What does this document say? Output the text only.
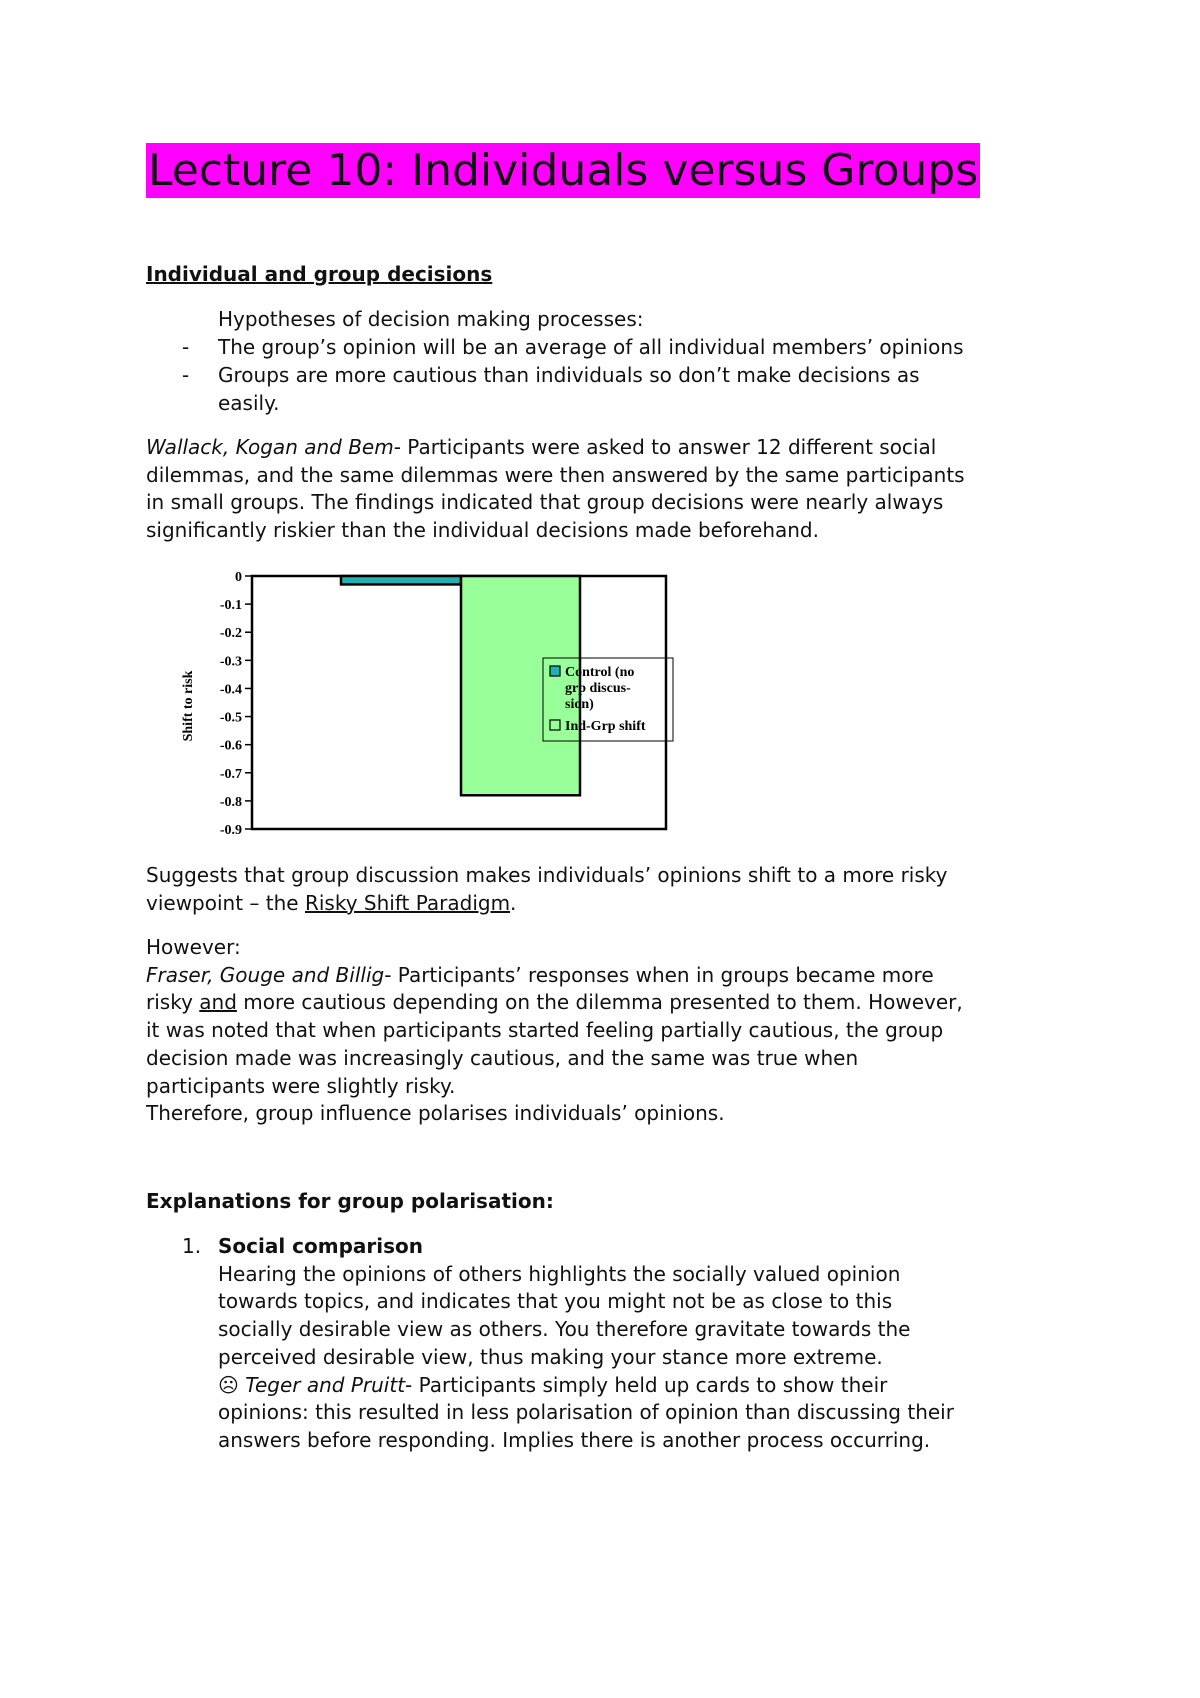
Lecture 10: Individuals versus Groups
Individual and group decisions
Hypotheses of decision making processes:
- The group’s opinion will be an average of all individual members’ opinions
- Groups are more cautious than individuals so don’t make decisions as
easily.
Wallack, Kogan and Bem- Participants were asked to answer 12 different social
dilemmas, and the same dilemmas were then answered by the same participants
in small groups. The findings indicated that group decisions were nearly always
significantly riskier than the individual decisions made beforehand.
0
-0.1
-0.2
-0.3
-0.4
-0.5
-0.6
-0.7
-0.8
-0.9
Shift to risk	Control (no
grp discus-
sion)
Ind-Grp shift
Suggests that group discussion makes individuals’ opinions shift to a more risky
viewpoint – the Risky Shift Paradigm.
However:
Fraser, Gouge and Billig- Participants’ responses when in groups became more
risky and more cautious depending on the dilemma presented to them. However,
it was noted that when participants started feeling partially cautious, the group
decision made was increasingly cautious, and the same was true when
participants were slightly risky.
Therefore, group influence polarises individuals’ opinions.
Explanations for group polarisation:
1. Social comparison
Hearing the opinions of others highlights the socially valued opinion
towards topics, and indicates that you might not be as close to this
socially desirable view as others. You therefore gravitate towards the
perceived desirable view, thus making your stance more extreme.
☹ Teger and Pruitt- Participants simply held up cards to show their
opinions: this resulted in less polarisation of opinion than discussing their
answers before responding. Implies there is another process occurring.
